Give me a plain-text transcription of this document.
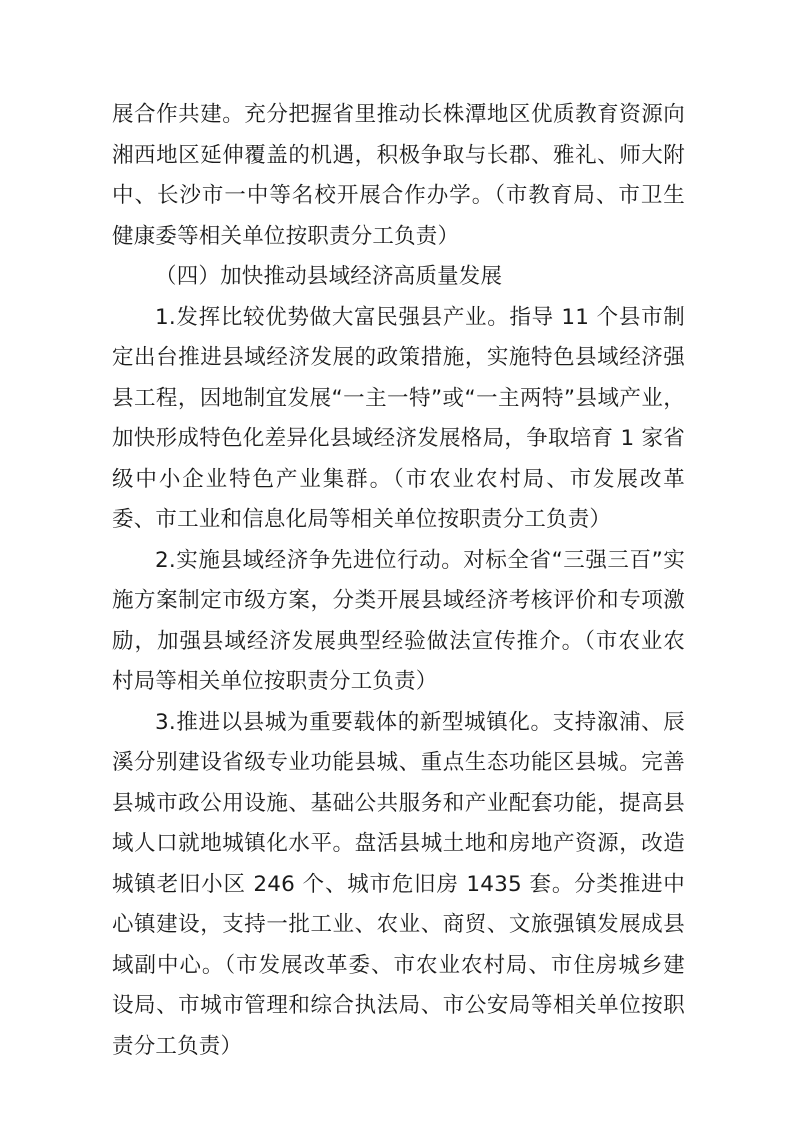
展合作共建。充分把握省里推动长株潭地区优质教育资源向湘西地区延伸覆盖的机遇，积极争取与长郡、雅礼、师大附中、长沙市一中等名校开展合作办学。（市教育局、市卫生健康委等相关单位按职责分工负责）

（四）加快推动县域经济高质量发展

1.发挥比较优势做大富民强县产业。指导 11 个县市制定出台推进县域经济发展的政策措施，实施特色县域经济强县工程，因地制宜发展“一主一特”或“一主两特”县域产业，加快形成特色化差异化县域经济发展格局，争取培育 1 家省级中小企业特色产业集群。（市农业农村局、市发展改革委、市工业和信息化局等相关单位按职责分工负责）

2.实施县域经济争先进位行动。对标全省“三强三百”实施方案制定市级方案，分类开展县域经济考核评价和专项激励，加强县域经济发展典型经验做法宣传推介。（市农业农村局等相关单位按职责分工负责）

3.推进以县城为重要载体的新型城镇化。支持溆浦、辰溪分别建设省级专业功能县城、重点生态功能区县城。完善县城市政公用设施、基础公共服务和产业配套功能，提高县域人口就地城镇化水平。盘活县城土地和房地产资源，改造城镇老旧小区 246 个、城市危旧房 1435 套。分类推进中心镇建设，支持一批工业、农业、商贸、文旅强镇发展成县域副中心。（市发展改革委、市农业农村局、市住房城乡建设局、市城市管理和综合执法局、市公安局等相关单位按职责分工负责）
